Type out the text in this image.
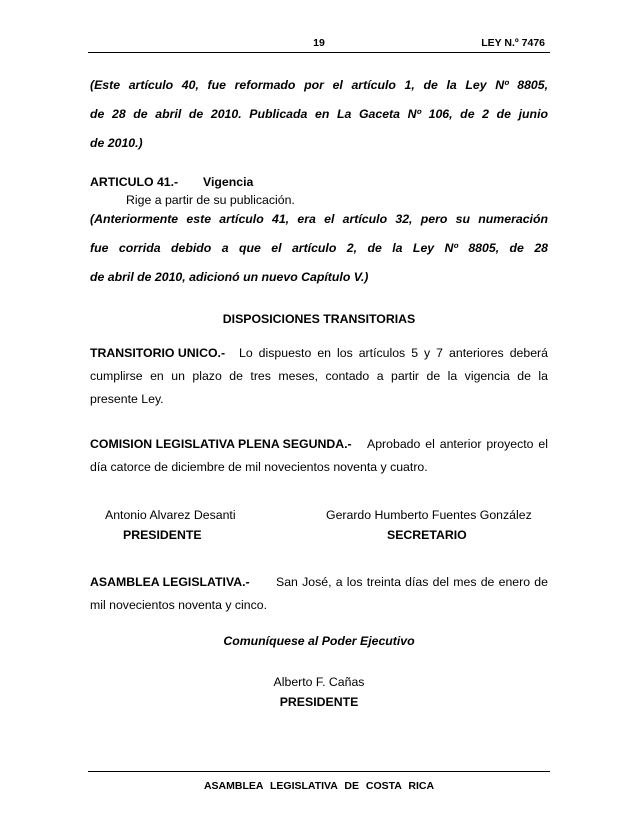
19	LEY N.º 7476
(Este artículo 40, fue reformado por el artículo 1, de la Ley Nº 8805,
de 28 de abril de 2010. Publicada en La Gaceta Nº 106, de 2 de junio
de 2010.)
ARTICULO 41.- Vigencia
Rige a partir de su publicación.
(Anteriormente este artículo 41, era el artículo 32, pero su numeración
fue corrida debido a que el artículo 2, de la Ley Nº 8805, de 28
de abril de 2010, adicionó un nuevo Capítulo V.)
DISPOSICIONES TRANSITORIAS
TRANSITORIO UNICO.- Lo dispuesto en los artículos 5 y 7 anteriores deberá
cumplirse en un plazo de tres meses, contado a partir de la vigencia de la
presente Ley.
COMISION LEGISLATIVA PLENA SEGUNDA.- Aprobado el anterior proyecto el
día catorce de diciembre de mil novecientos noventa y cuatro.
Antonio Alvarez Desanti
PRESIDENTE
Gerardo Humberto Fuentes González
SECRETARIO
ASAMBLEA LEGISLATIVA.- San José, a los treinta días del mes de enero de
mil novecientos noventa y cinco.
Comuníquese al Poder Ejecutivo
Alberto F. Cañas
PRESIDENTE
ASAMBLEA LEGISLATIVA DE COSTA RICA
